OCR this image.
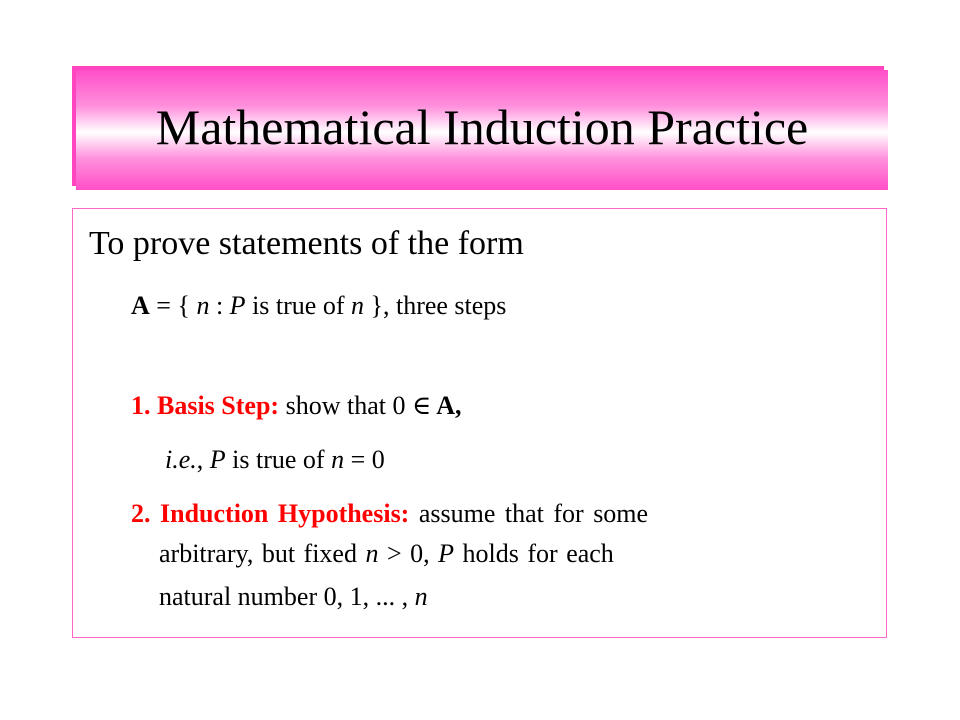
Mathematical Induction Practice
To prove statements of the form
A = { n : P is true of n }, three steps
1. Basis Step: show that 0 ∈ A,
i.e., P is true of n = 0
2. Induction Hypothesis: assume that for some
arbitrary, but fixed n > 0, P holds for each
natural number 0, 1, ... , n
